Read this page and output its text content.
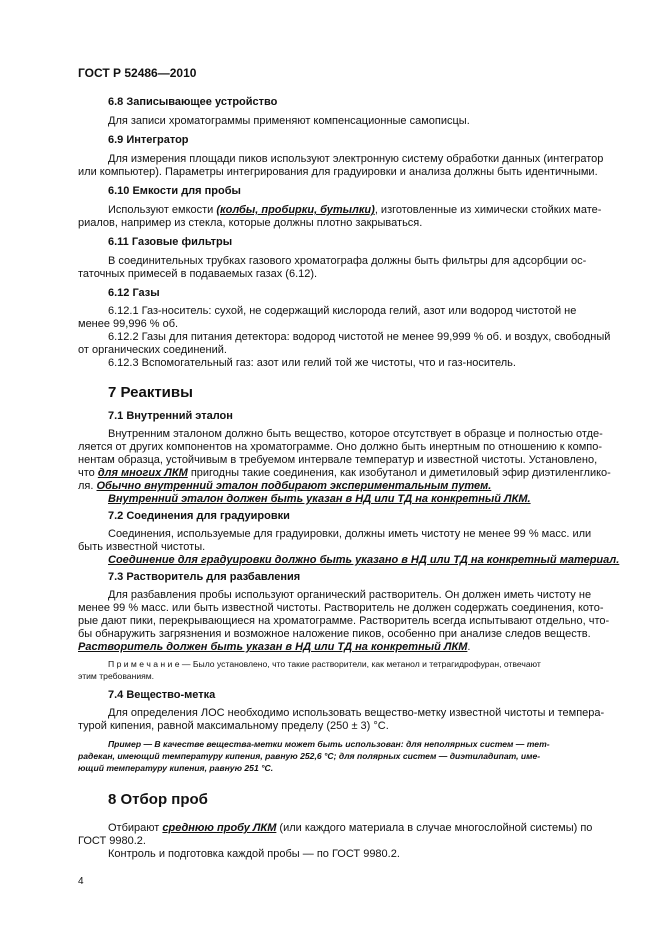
ГОСТ Р 52486—2010
6.8 Записывающее устройство
Для записи хроматограммы применяют компенсационные самописцы.
6.9 Интегратор
Для измерения площади пиков используют электронную систему обработки данных (интегратор
или компьютер). Параметры интегрирования для градуировки и анализа должны быть идентичными.
6.10 Емкости для пробы
Используют емкости (колбы, пробирки, бутылки), изготовленные из химически стойких мате-
риалов, например из стекла, которые должны плотно закрываться.
6.11 Газовые фильтры
В соединительных трубках газового хроматографа должны быть фильтры для адсорбции ос-
таточных примесей в подаваемых газах (6.12).
6.12 Газы
6.12.1 Газ-носитель: сухой, не содержащий кислорода гелий, азот или водород чистотой не
менее 99,996 % об.
6.12.2 Газы для питания детектора: водород чистотой не менее 99,999 % об. и воздух, свободный
от органических соединений.
6.12.3 Вспомогательный газ: азот или гелий той же чистоты, что и газ-носитель.
7 Реактивы
7.1 Внутренний эталон
Внутренним эталоном должно быть вещество, которое отсутствует в образце и полностью отде-
ляется от других компонентов на хроматограмме. Оно должно быть инертным по отношению к компо-
нентам образца, устойчивым в требуемом интервале температур и известной чистоты. Установлено,
что для многих ЛКМ пригодны такие соединения, как изобутанол и диметиловый эфир диэтиленглико-
ля. Обычно внутренний эталон подбирают экспериментальным путем.
Внутренний эталон должен быть указан в НД или ТД на конкретный ЛКМ.
7.2 Соединения для градуировки
Соединения, используемые для градуировки, должны иметь чистоту не менее 99 % масс. или
быть известной чистоты.
Соединение для градуировки должно быть указано в НД или ТД на конкретный материал.
7.3 Растворитель для разбавления
Для разбавления пробы используют органический растворитель. Он должен иметь чистоту не
менее 99 % масс. или быть известной чистоты. Растворитель не должен содержать соединения, кото-
рые дают пики, перекрывающиеся на хроматограмме. Растворитель всегда испытывают отдельно, что-
бы обнаружить загрязнения и возможное наложение пиков, особенно при анализе следов веществ.
Растворитель должен быть указан в НД или ТД на конкретный ЛКМ.
П р и м е ч а н и е — Было установлено, что такие растворители, как метанол и тетрагидрофуран, отвечают
этим требованиям.
7.4 Вещество-метка
Для определения ЛОС необходимо использовать вещество-метку известной чистоты и темпера-
турой кипения, равной максимальному пределу (250 ± 3) °С.
Пример — В качестве вещества-метки может быть использован: для неполярных систем — тет-
радекан, имеющий температуру кипения, равную 252,6 °С; для полярных систем — диэтиладипат, име-
ющий температуру кипения, равную 251 °С.
8 Отбор проб
Отбирают среднюю пробу ЛКМ (или каждого материала в случае многослойной системы) по
ГОСТ 9980.2.
Контроль и подготовка каждой пробы — по ГОСТ 9980.2.
4
